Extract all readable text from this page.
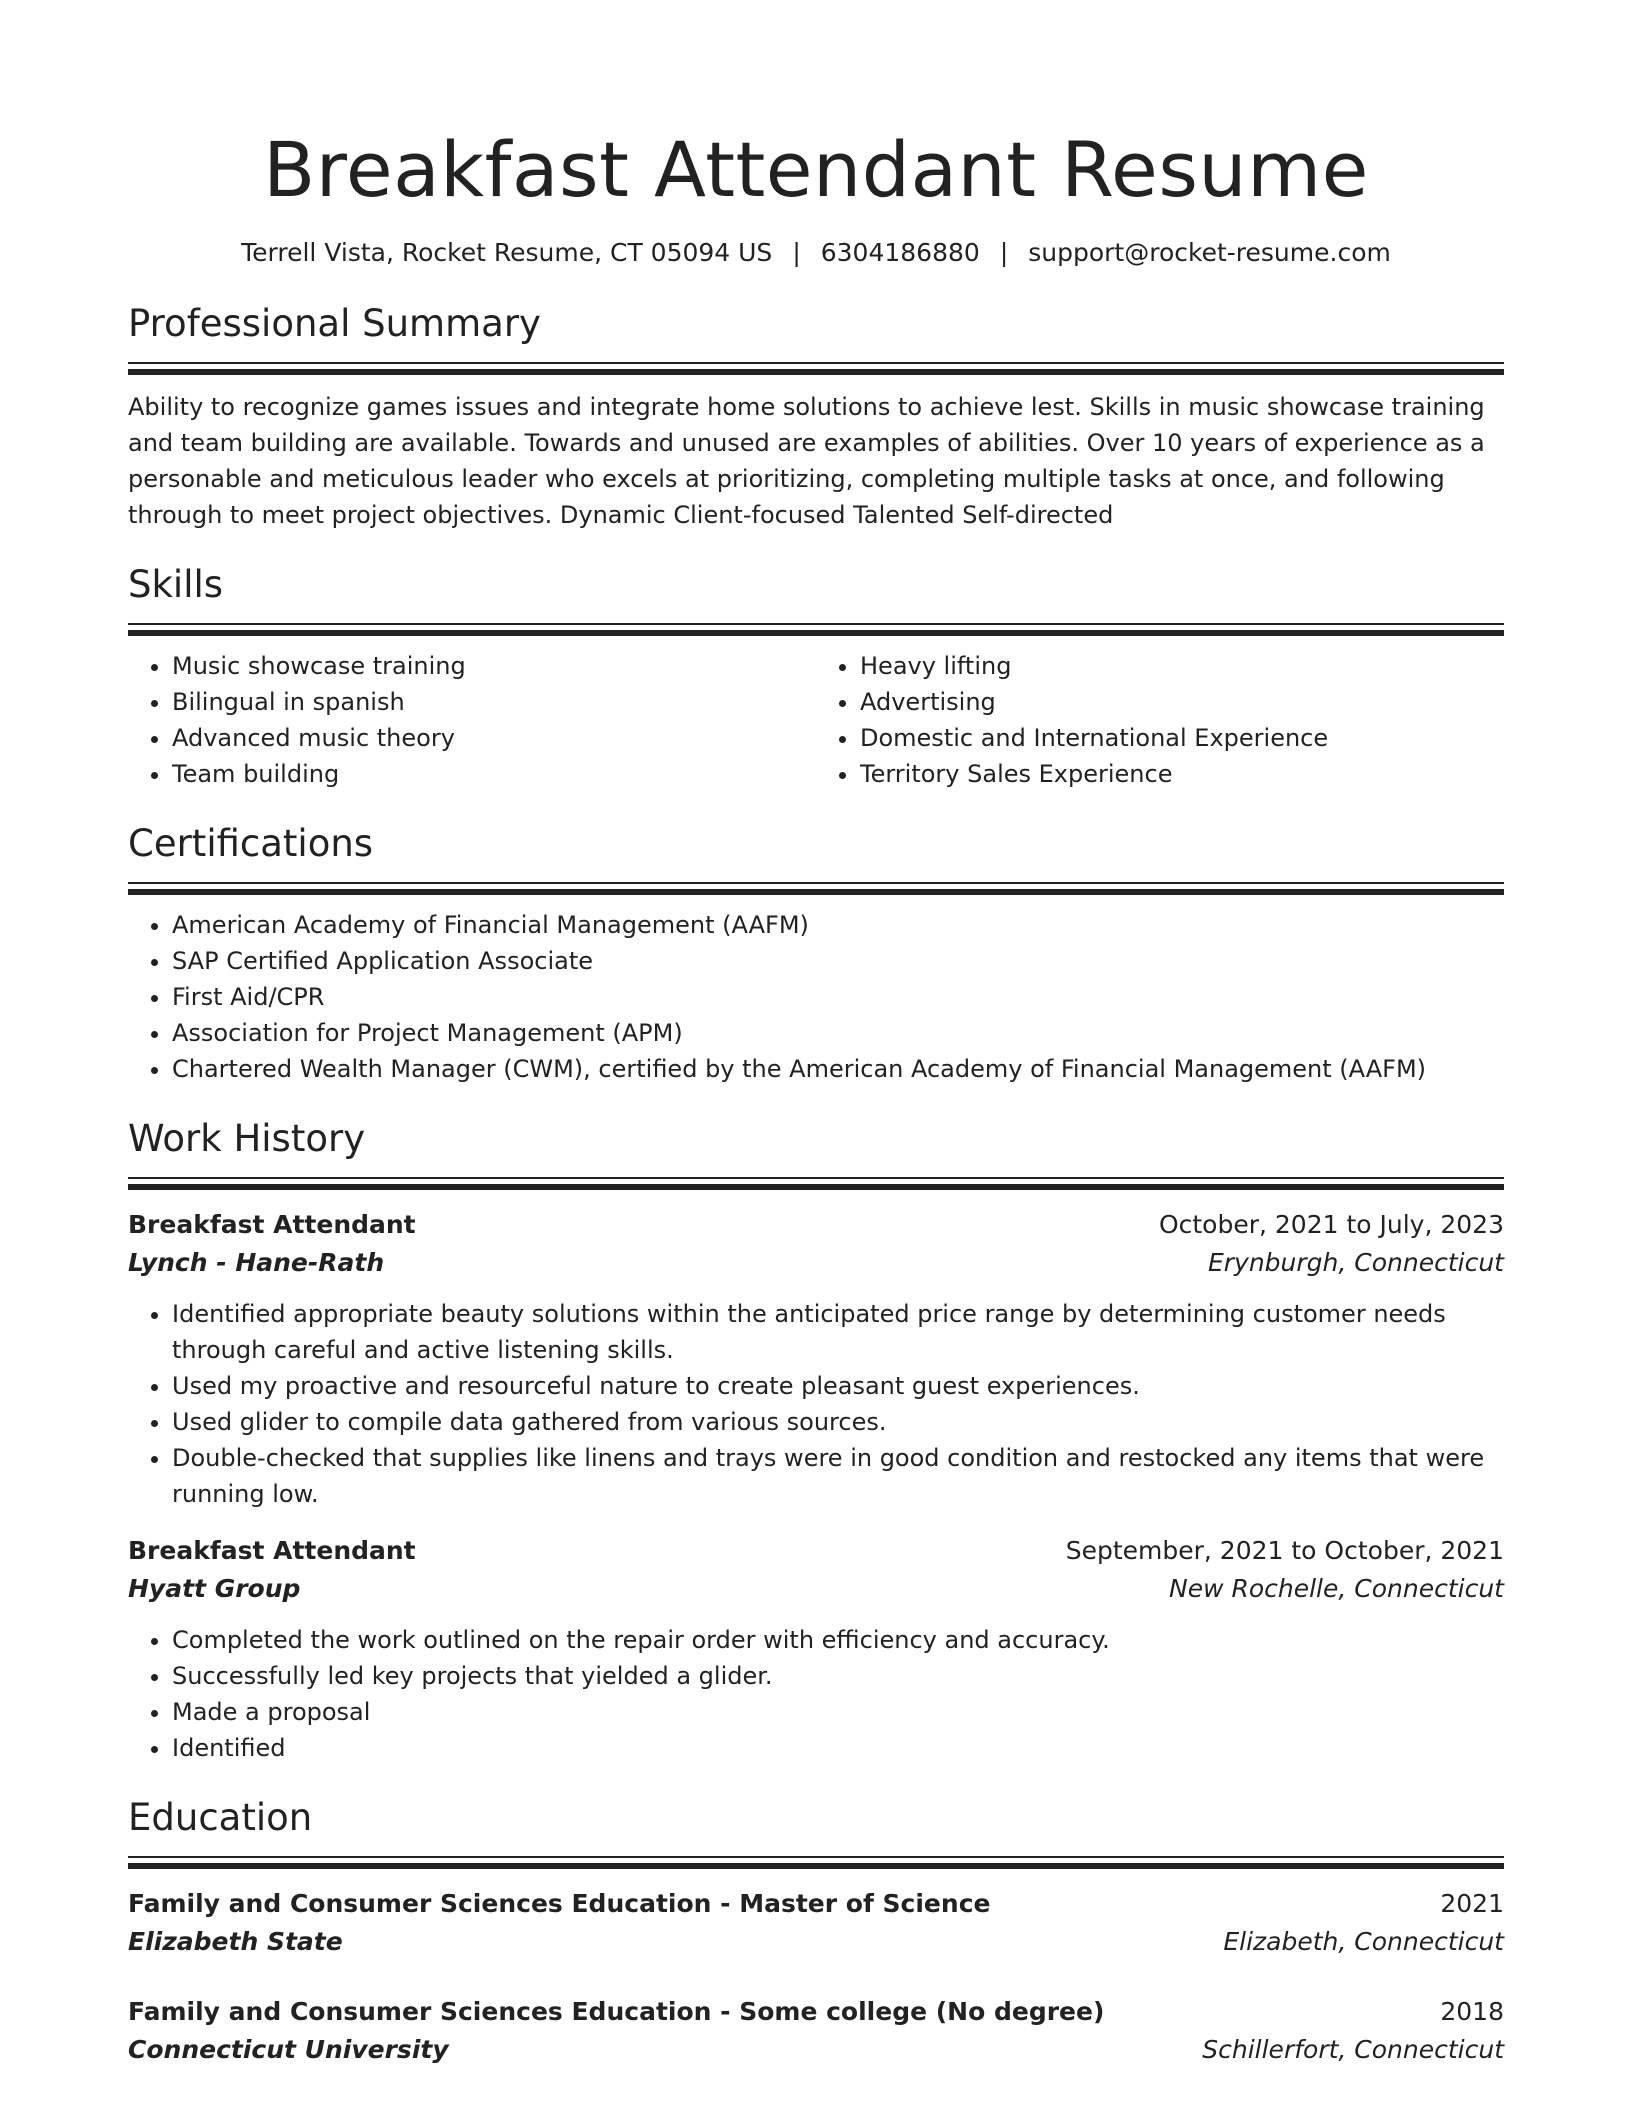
Breakfast Attendant Resume
Terrell Vista, Rocket Resume, CT 05094 US | 6304186880 | support@rocket-resume.com
Professional Summary

Ability to recognize games issues and integrate home solutions to achieve lest. Skills in music showcase training and team building are available. Towards and unused are examples of abilities. Over 10 years of experience as a personable and meticulous leader who excels at prioritizing, completing multiple tasks at once, and following through to meet project objectives. Dynamic Client-focused Talented Self-directed

Skills
• Music showcase training
• Bilingual in spanish
• Advanced music theory
• Team building
• Heavy lifting
• Advertising
• Domestic and International Experience
• Territory Sales Experience
Certifications
• American Academy of Financial Management (AAFM)
• SAP Certified Application Associate
• First Aid/CPR
• Association for Project Management (APM)
• Chartered Wealth Manager (CWM), certified by the American Academy of Financial Management (AAFM)
Work History
Breakfast Attendant	October, 2021 to July, 2023
Lynch - Hane-Rath	Erynburgh, Connecticut
• Identified appropriate beauty solutions within the anticipated price range by determining customer needs through careful and active listening skills.
• Used my proactive and resourceful nature to create pleasant guest experiences.
• Used glider to compile data gathered from various sources.
• Double-checked that supplies like linens and trays were in good condition and restocked any items that were running low.
Breakfast Attendant	September, 2021 to October, 2021
Hyatt Group	New Rochelle, Connecticut
• Completed the work outlined on the repair order with efficiency and accuracy.
• Successfully led key projects that yielded a glider.
• Made a proposal
• Identified
Education
Family and Consumer Sciences Education - Master of Science	2021
Elizabeth State	Elizabeth, Connecticut
Family and Consumer Sciences Education - Some college (No degree)	2018
Connecticut University	Schillerfort, Connecticut
